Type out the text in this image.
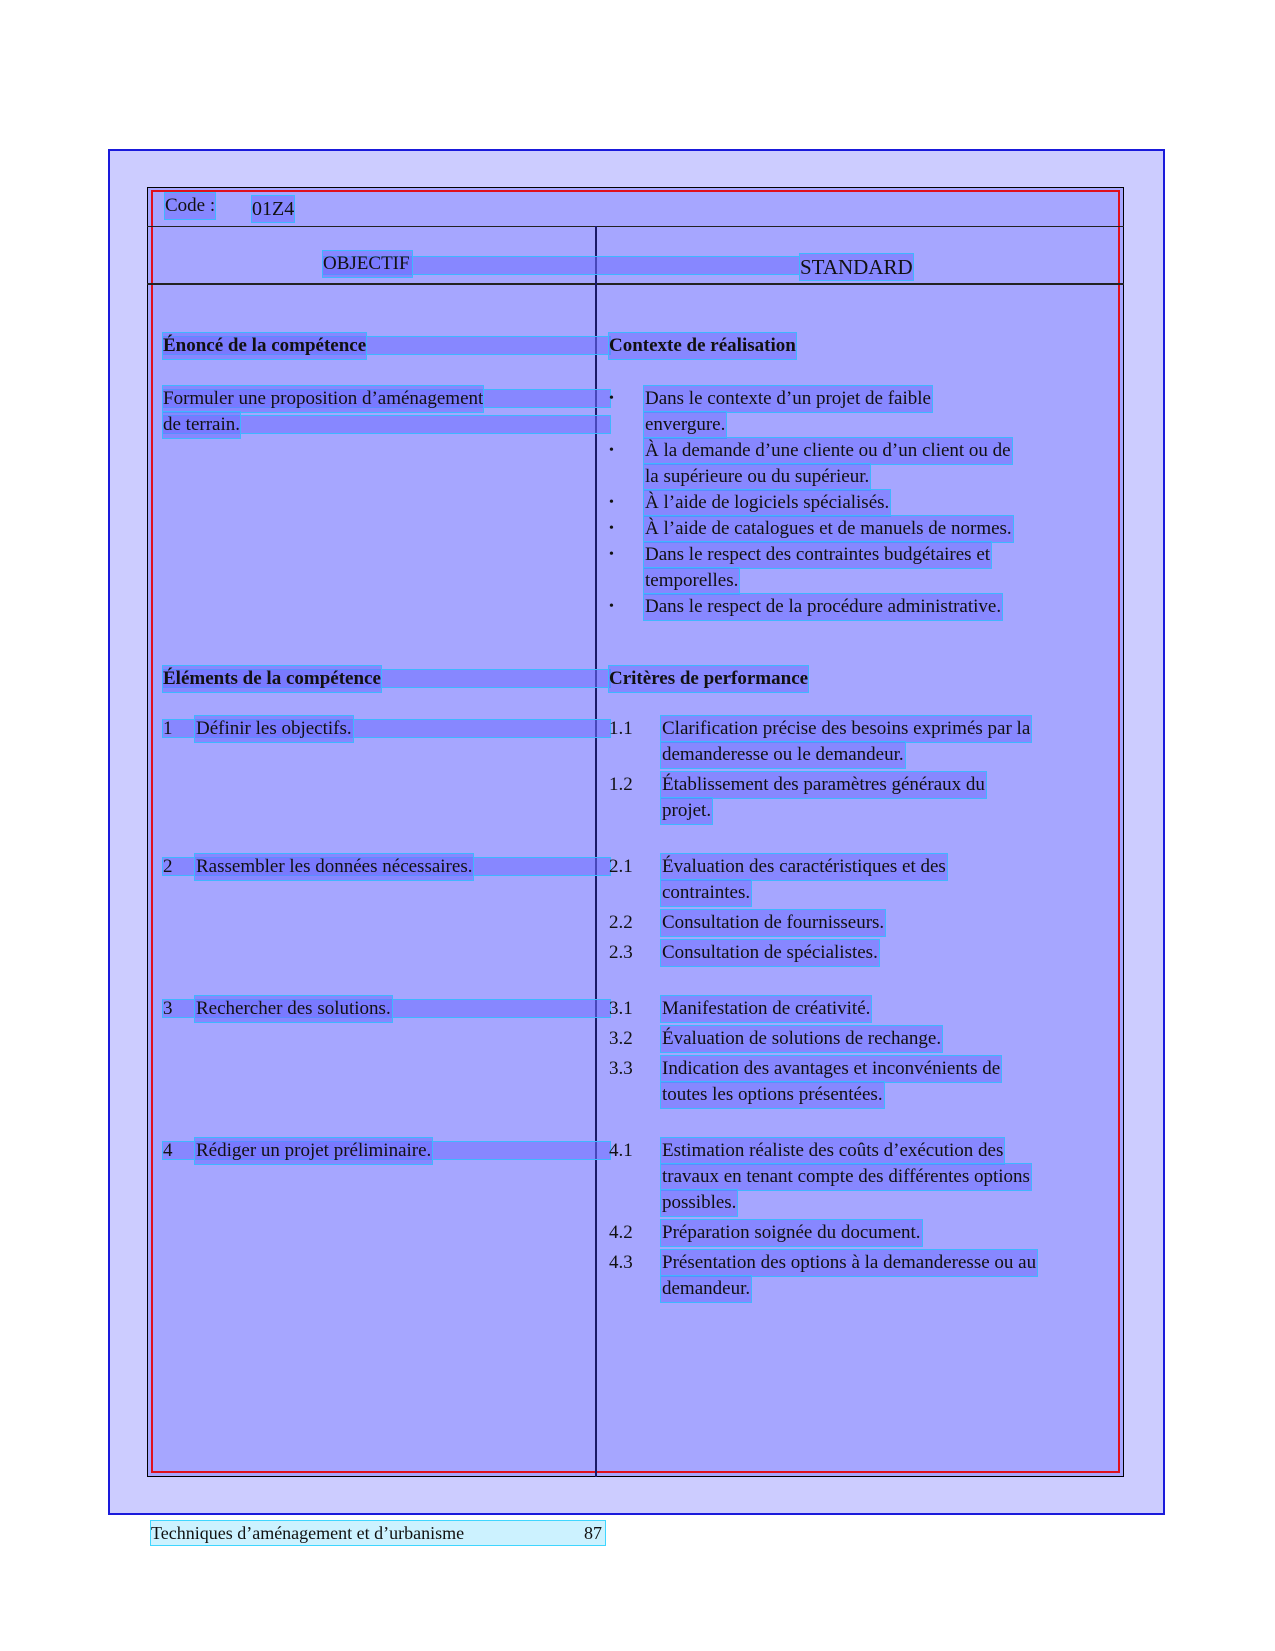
Code : 01Z4
OBJECTIF	STANDARD
Énoncé de la compétence
Formuler une proposition d’aménagement
de terrain.
Contexte de réalisation
• Dans le contexte d’un projet de faible
envergure.
• À la demande d’une cliente ou d’un client ou de
la supérieure ou du supérieur.
• À l’aide de logiciels spécialisés.
• À l’aide de catalogues et de manuels de normes.
• Dans le respect des contraintes budgétaires et
temporelles.
• Dans le respect de la procédure administrative.
Éléments de la compétence
1 Définir les objectifs.
2 Rassembler les données nécessaires.
3 Rechercher des solutions.
4 Rédiger un projet préliminaire.
Critères de performance
1.1 Clarification précise des besoins exprimés par la
demanderesse ou le demandeur.
1.2 Établissement des paramètres généraux du
projet.
2.1 Évaluation des caractéristiques et des
contraintes.
2.2 Consultation de fournisseurs.
2.3 Consultation de spécialistes.
3.1 Manifestation de créativité.
3.2 Évaluation de solutions de rechange.
3.3 Indication des avantages et inconvénients de
toutes les options présentées.
4.1 Estimation réaliste des coûts d’exécution des
travaux en tenant compte des différentes options
possibles.
4.2 Préparation soignée du document.
4.3 Présentation des options à la demanderesse ou au
demandeur.
Techniques d’aménagement et d’urbanisme	87
